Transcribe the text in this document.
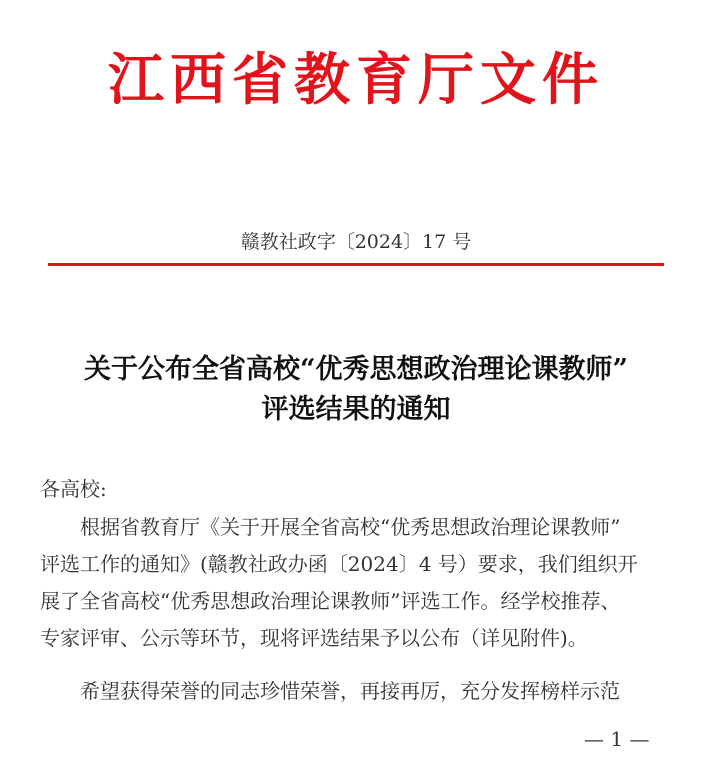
江西省教育厅文件
赣教社政字〔2024〕17 号
关于公布全省高校“优秀思想政治理论课教师”
评选结果的通知
各高校:
根据省教育厅《关于开展全省高校“优秀思想政治理论课教师”
评选工作的通知》(赣教社政办函〔2024〕4 号）要求，我们组织开
展了全省高校“优秀思想政治理论课教师”评选工作。经学校推荐、
专家评审、公示等环节，现将评选结果予以公布（详见附件)。
希望获得荣誉的同志珍惜荣誉，再接再厉，充分发挥榜样示范
— 1 —
